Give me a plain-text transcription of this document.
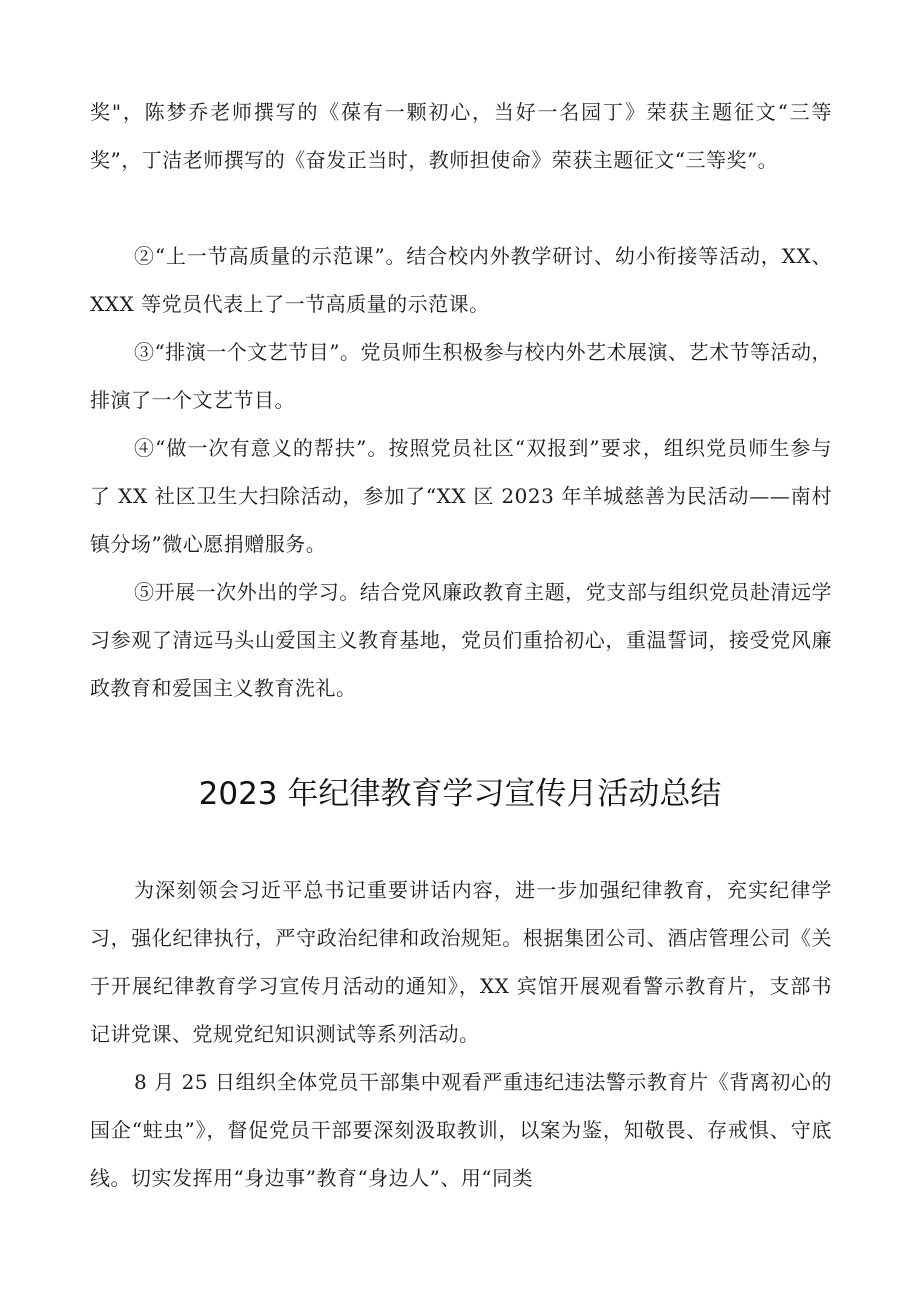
奖"，陈梦乔老师撰写的《葆有一颗初心，当好一名园丁》荣获主题征文“三等奖”，丁洁老师撰写的《奋发正当时，教师担使命》荣获主题征文“三等奖”。

②“上一节高质量的示范课”。结合校内外教学研讨、幼小衔接等活动，XX、XXX 等党员代表上了一节高质量的示范课。

③“排演一个文艺节目”。党员师生积极参与校内外艺术展演、艺术节等活动，排演了一个文艺节目。

④“做一次有意义的帮扶”。按照党员社区“双报到”要求，组织党员师生参与了 XX 社区卫生大扫除活动，参加了“XX 区 2023 年羊城慈善为民活动——南村镇分场”微心愿捐赠服务。

⑤开展一次外出的学习。结合党风廉政教育主题，党支部与组织党员赴清远学习参观了清远马头山爱国主义教育基地，党员们重拾初心，重温誓词，接受党风廉政教育和爱国主义教育洗礼。

2023 年纪律教育学习宣传月活动总结

为深刻领会习近平总书记重要讲话内容，进一步加强纪律教育，充实纪律学习，强化纪律执行，严守政治纪律和政治规矩。根据集团公司、酒店管理公司《关于开展纪律教育学习宣传月活动的通知》，XX 宾馆开展观看警示教育片，支部书记讲党课、党规党纪知识测试等系列活动。

8 月 25 日组织全体党员干部集中观看严重违纪违法警示教育片《背离初心的国企“蛀虫”》，督促党员干部要深刻汲取教训，以案为鉴，知敬畏、存戒惧、守底线。切实发挥用“身边事”教育“身边人”、用“同类
